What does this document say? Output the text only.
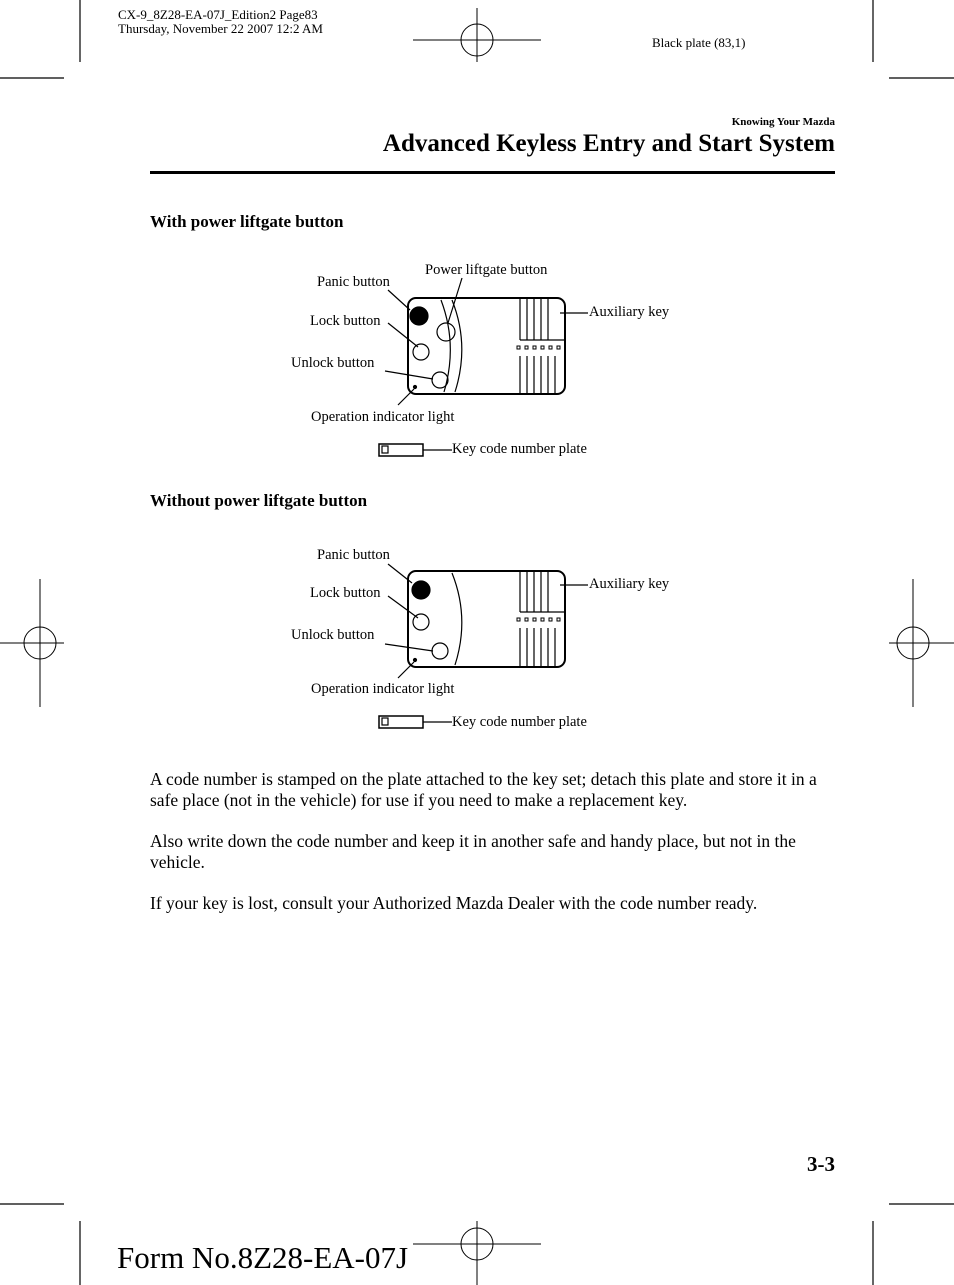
CX-9_8Z28-EA-07J_Edition2 Page83
Thursday, November 22 2007 12:2 AM
Black plate (83,1)
Knowing Your Mazda
Advanced Keyless Entry and Start System
With power liftgate button
Panic button
Power liftgate button
Auxiliary key
Lock button
Unlock button
Operation indicator light
Key code number plate
Without power liftgate button
Panic button
Auxiliary key
Lock button
Unlock button
Operation indicator light
Key code number plate

A code number is stamped on the plate attached to the key set; detach this plate and store it in a safe place (not in the vehicle) for use if you need to make a replacement key.

Also write down the code number and keep it in another safe and handy place, but not in the vehicle.

If your key is lost, consult your Authorized Mazda Dealer with the code number ready.

3-3
Form No.8Z28-EA-07J
